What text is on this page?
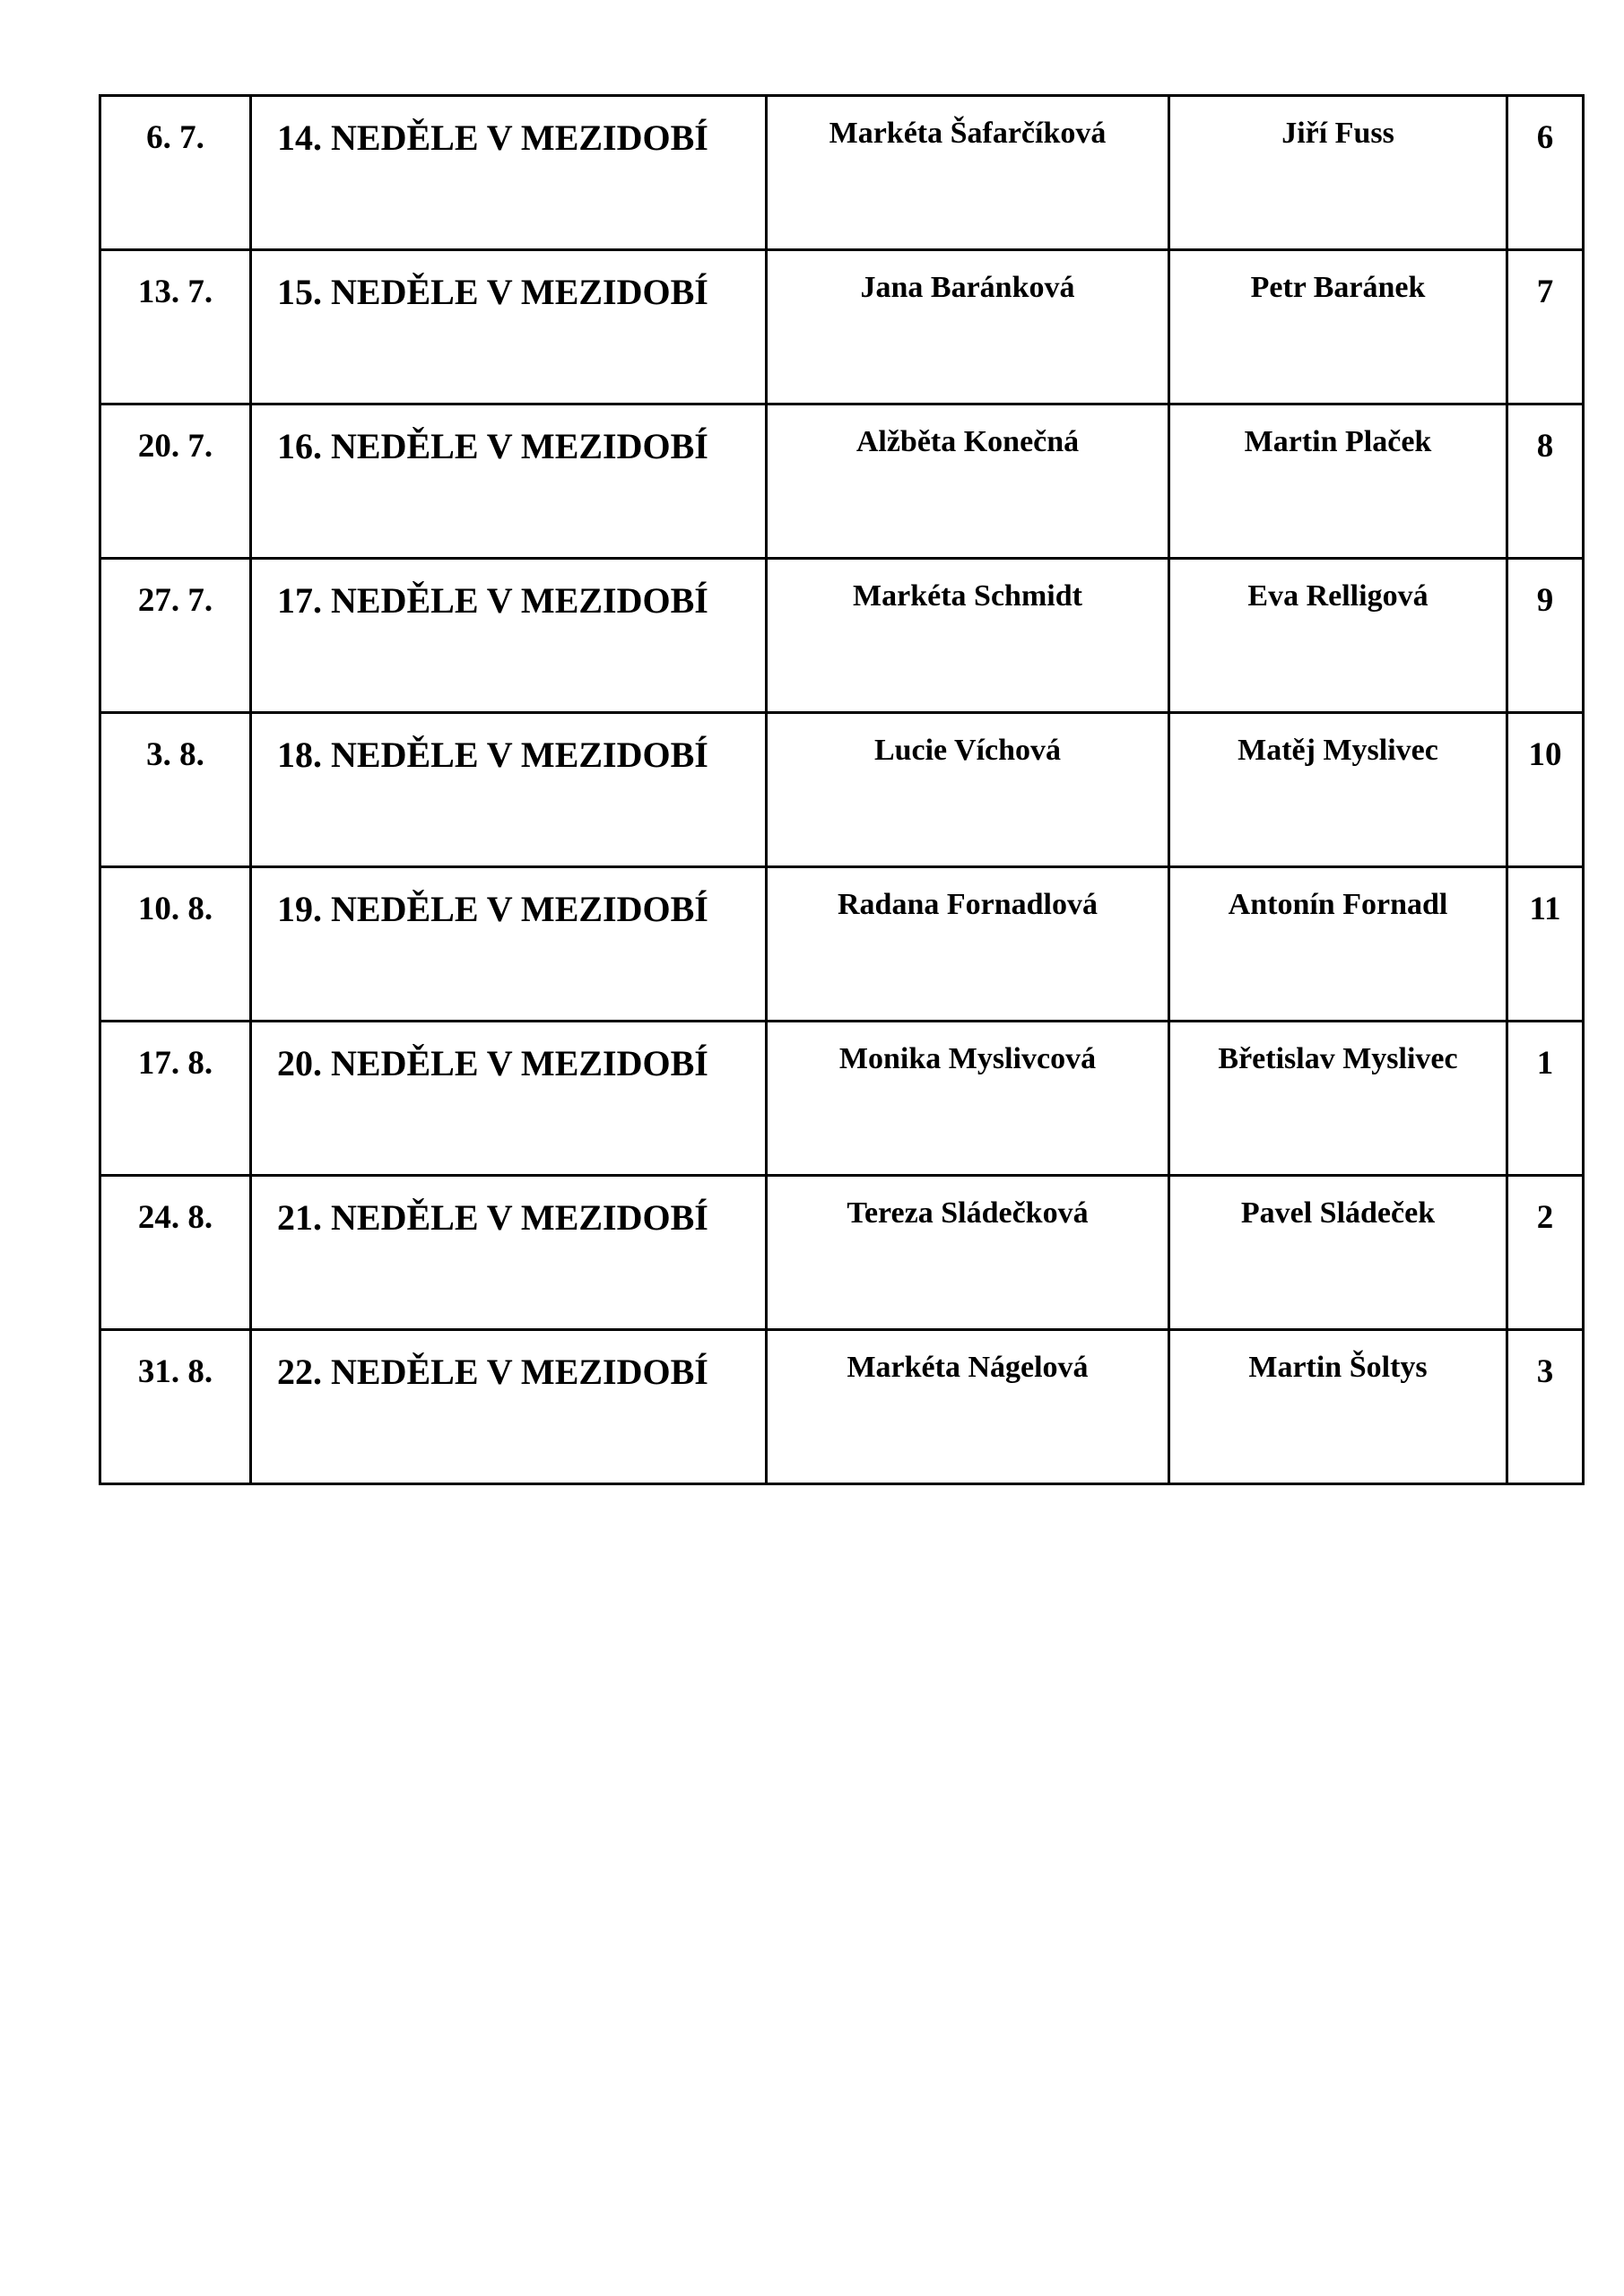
6. 7.	14. NEDĚLE V MEZIDOBÍ	Markéta Šafarčíková	Jiří Fuss	6
13. 7.	15. NEDĚLE V MEZIDOBÍ	Jana Baránková	Petr Baránek	7
20. 7.	16. NEDĚLE V MEZIDOBÍ	Alžběta Konečná	Martin Plaček	8
27. 7.	17. NEDĚLE V MEZIDOBÍ	Markéta Schmidt	Eva Relligová	9
3. 8.	18. NEDĚLE V MEZIDOBÍ	Lucie Víchová	Matěj Myslivec	10
10. 8.	19. NEDĚLE V MEZIDOBÍ	Radana Fornadlová	Antonín Fornadl	11
17. 8.	20. NEDĚLE V MEZIDOBÍ	Monika Myslivcová	Břetislav Myslivec	1
24. 8.	21. NEDĚLE V MEZIDOBÍ	Tereza Sládečková	Pavel Sládeček	2
31. 8.	22. NEDĚLE V MEZIDOBÍ	Markéta Nágelová	Martin Šoltys	3
